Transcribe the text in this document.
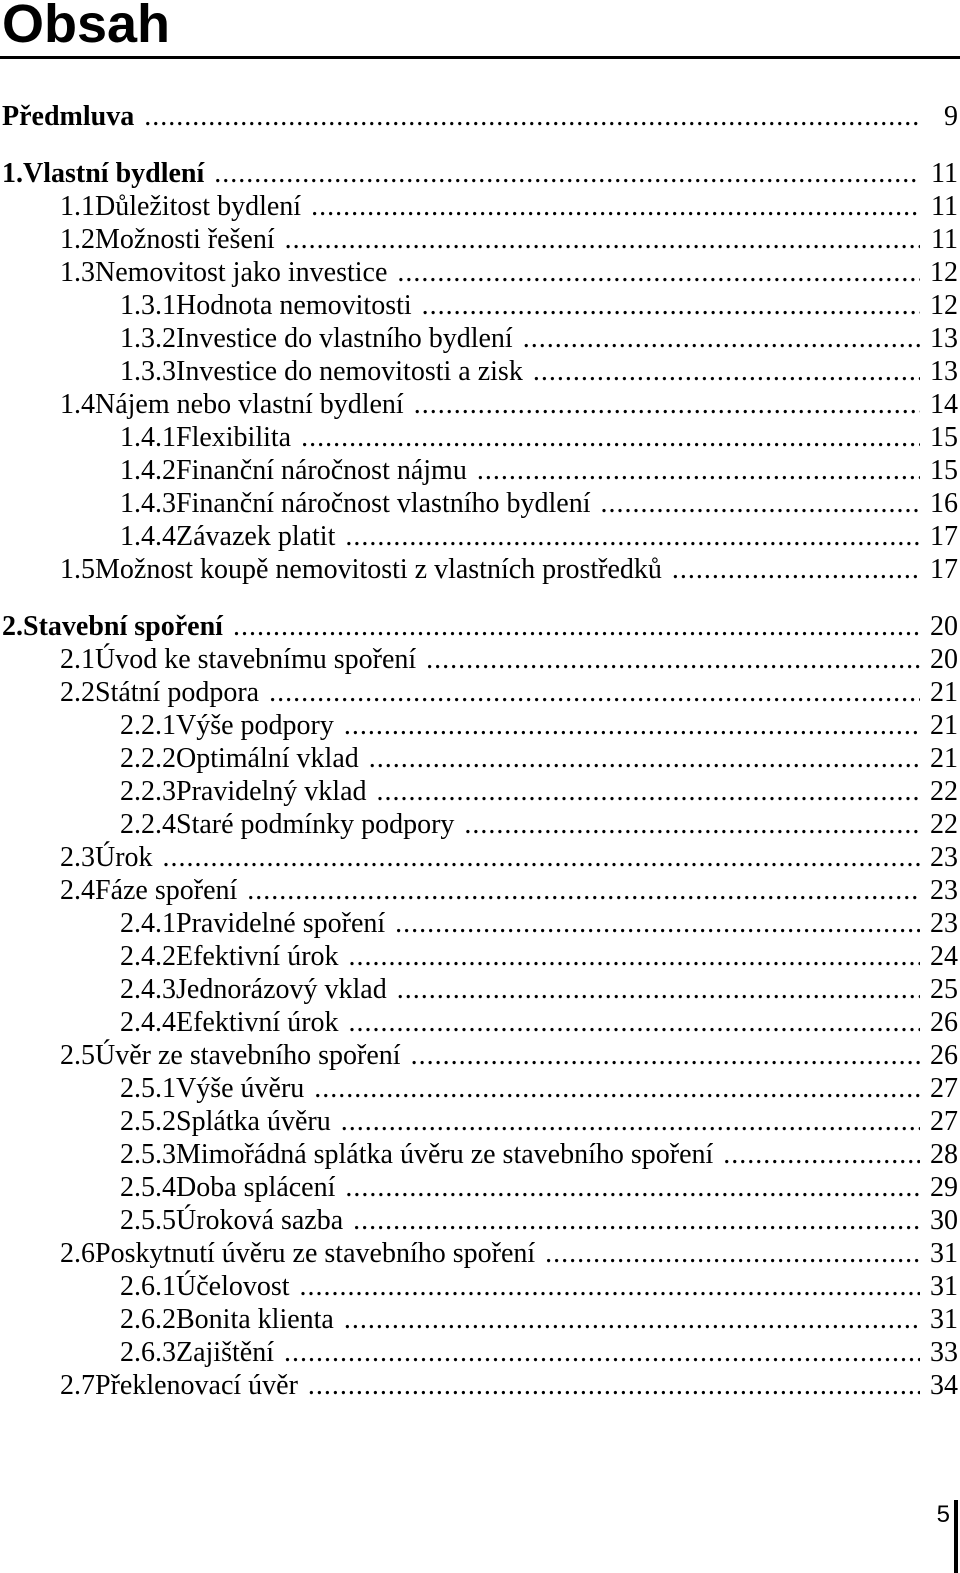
Obsah
Předmluva .....	9
1. Vlastní bydlení .....	11
1.1 Důležitost bydlení .....	11
1.2 Možnosti řešení .....	11
1.3 Nemovitost jako investice .....	12
1.3.1 Hodnota nemovitosti .....	12
1.3.2 Investice do vlastního bydlení .....	13
1.3.3 Investice do nemovitosti a zisk .....	13
1.4 Nájem nebo vlastní bydlení .....	14
1.4.1 Flexibilita .....	15
1.4.2 Finanční náročnost nájmu .....	15
1.4.3 Finanční náročnost vlastního bydlení .....	16
1.4.4 Závazek platit .....	17
1.5 Možnost koupě nemovitosti z vlastních prostředků .....	17
2. Stavební spoření .....	20
2.1 Úvod ke stavebnímu spoření .....	20
2.2 Státní podpora .....	21
2.2.1 Výše podpory .....	21
2.2.2 Optimální vklad .....	21
2.2.3 Pravidelný vklad .....	22
2.2.4 Staré podmínky podpory .....	22
2.3 Úrok .....	23
2.4 Fáze spoření .....	23
2.4.1 Pravidelné spoření .....	23
2.4.2 Efektivní úrok .....	24
2.4.3 Jednorázový vklad .....	25
2.4.4 Efektivní úrok .....	26
2.5 Úvěr ze stavebního spoření .....	26
2.5.1 Výše úvěru .....	27
2.5.2 Splátka úvěru .....	27
2.5.3 Mimořádná splátka úvěru ze stavebního spoření .....	28
2.5.4 Doba splácení .....	29
2.5.5 Úroková sazba .....	30
2.6 Poskytnutí úvěru ze stavebního spoření .....	31
2.6.1 Účelovost .....	31
2.6.2 Bonita klienta .....	31
2.6.3 Zajištění .....	33
2.7 Překlenovací úvěr .....	34
5
